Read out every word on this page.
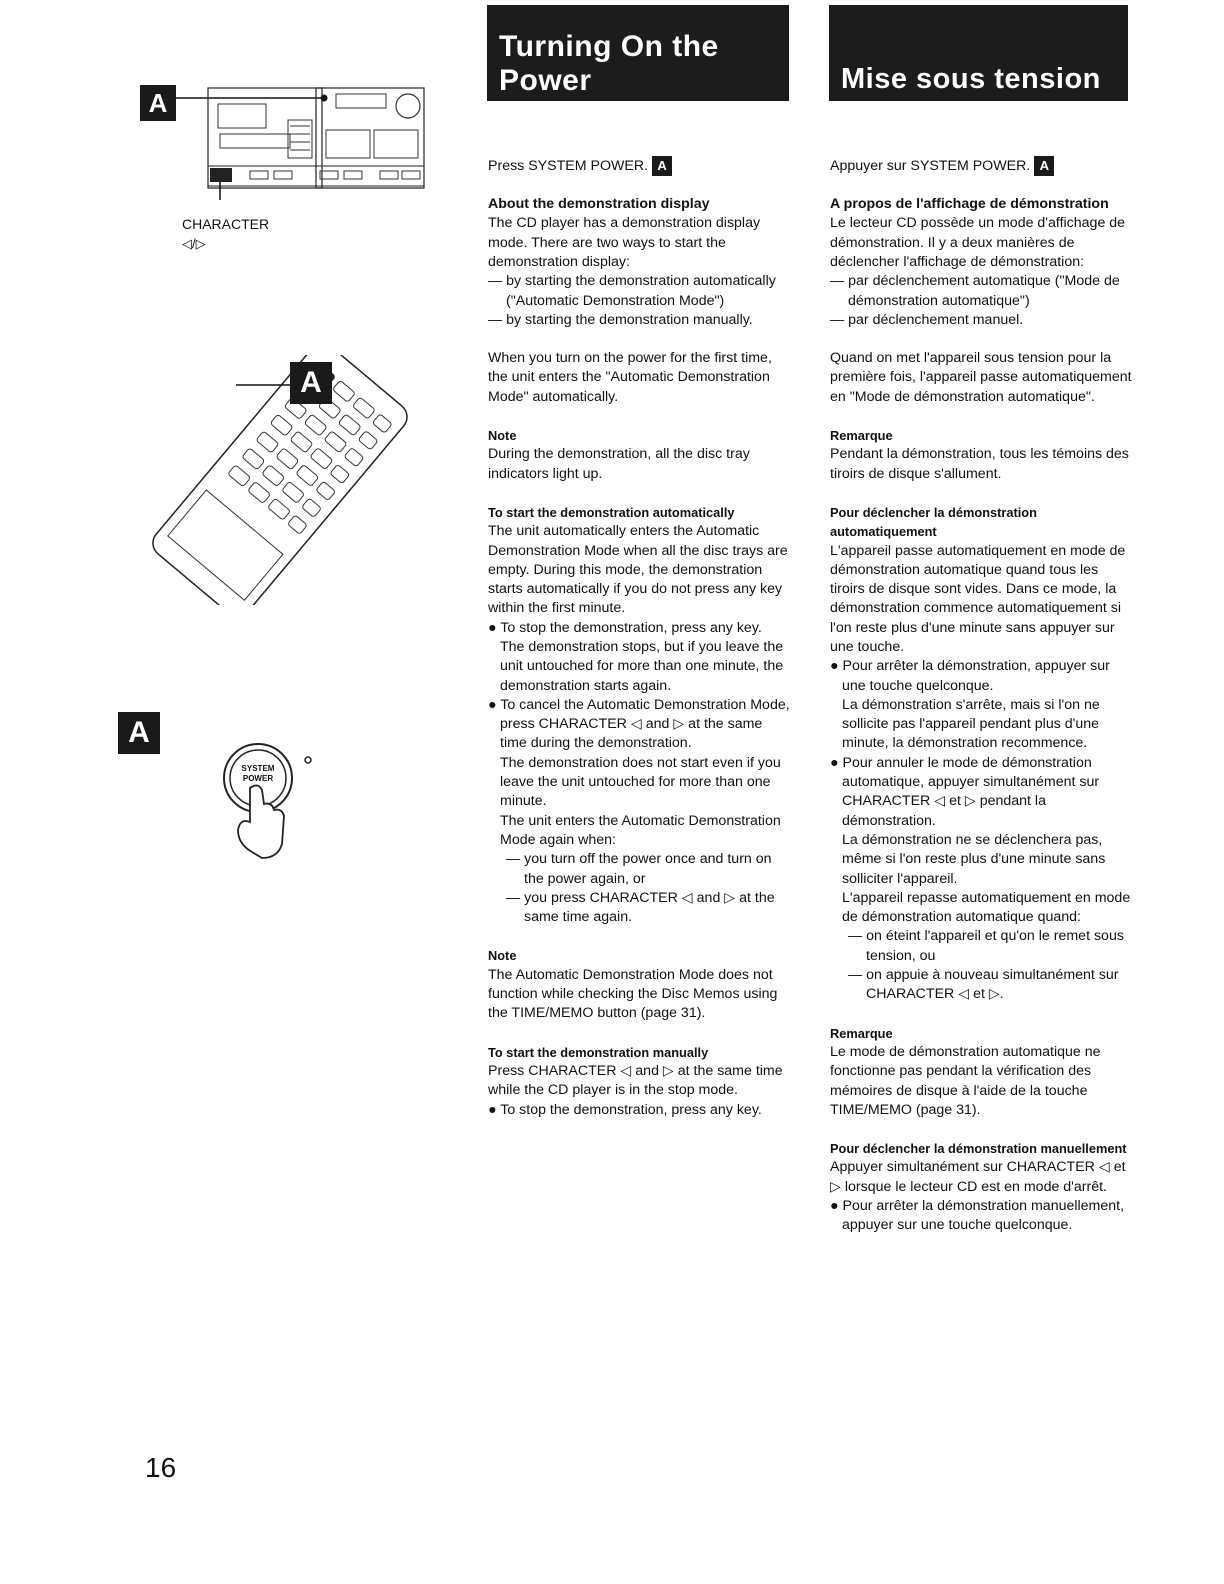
A
CHARACTER
◁/▷
A
A
SYSTEM
POWER
16
Turning On the
Power	Mise sous tension

Press SYSTEM POWER. A

About the demonstration display

The CD player has a demonstration display mode. There are two ways to start the demonstration display:

— by starting the demonstration automatically ("Automatic Demonstration Mode")

— by starting the demonstration manually.

When you turn on the power for the first time, the unit enters the "Automatic Demonstration Mode" automatically.

Note

During the demonstration, all the disc tray indicators light up.

To start the demonstration automatically

The unit automatically enters the Automatic Demonstration Mode when all the disc trays are empty. During this mode, the demonstration starts automatically if you do not press any key within the first minute.

● To stop the demonstration, press any key.

The demonstration stops, but if you leave the unit untouched for more than one minute, the demonstration starts again.

● To cancel the Automatic Demonstration Mode, press CHARACTER ◁ and ▷ at the same time during the demonstration.

The demonstration does not start even if you leave the unit untouched for more than one minute.

The unit enters the Automatic Demonstration Mode again when:

— you turn off the power once and turn on the power again, or

— you press CHARACTER ◁ and ▷ at the same time again.

Note

The Automatic Demonstration Mode does not function while checking the Disc Memos using the TIME/MEMO button (page 31).

To start the demonstration manually

Press CHARACTER ◁ and ▷ at the same time while the CD player is in the stop mode.

● To stop the demonstration, press any key.

Appuyer sur SYSTEM POWER. A

A propos de l'affichage de démonstration

Le lecteur CD possède un mode d'affichage de démonstration. Il y a deux manières de déclencher l'affichage de démonstration:

— par déclenchement automatique ("Mode de démonstration automatique")

— par déclenchement manuel.

Quand on met l'appareil sous tension pour la première fois, l'appareil passe automatiquement en "Mode de démonstration automatique".

Remarque

Pendant la démonstration, tous les témoins des tiroirs de disque s'allument.

Pour déclencher la démonstration automatiquement

L'appareil passe automatiquement en mode de démonstration automatique quand tous les tiroirs de disque sont vides. Dans ce mode, la démonstration commence automatiquement si l'on reste plus d'une minute sans appuyer sur une touche.

● Pour arrêter la démonstration, appuyer sur une touche quelconque.

La démonstration s'arrête, mais si l'on ne sollicite pas l'appareil pendant plus d'une minute, la démonstration recommence.

● Pour annuler le mode de démonstration automatique, appuyer simultanément sur CHARACTER ◁ et ▷ pendant la démonstration.

La démonstration ne se déclenchera pas, même si l'on reste plus d'une minute sans solliciter l'appareil.

L'appareil repasse automatiquement en mode de démonstration automatique quand:

— on éteint l'appareil et qu'on le remet sous tension, ou

— on appuie à nouveau simultanément sur CHARACTER ◁ et ▷.

Remarque

Le mode de démonstration automatique ne fonctionne pas pendant la vérification des mémoires de disque à l'aide de la touche TIME/MEMO (page 31).

Pour déclencher la démonstration manuellement

Appuyer simultanément sur CHARACTER ◁ et ▷ lorsque le lecteur CD est en mode d'arrêt.

● Pour arrêter la démonstration manuellement, appuyer sur une touche quelconque.
